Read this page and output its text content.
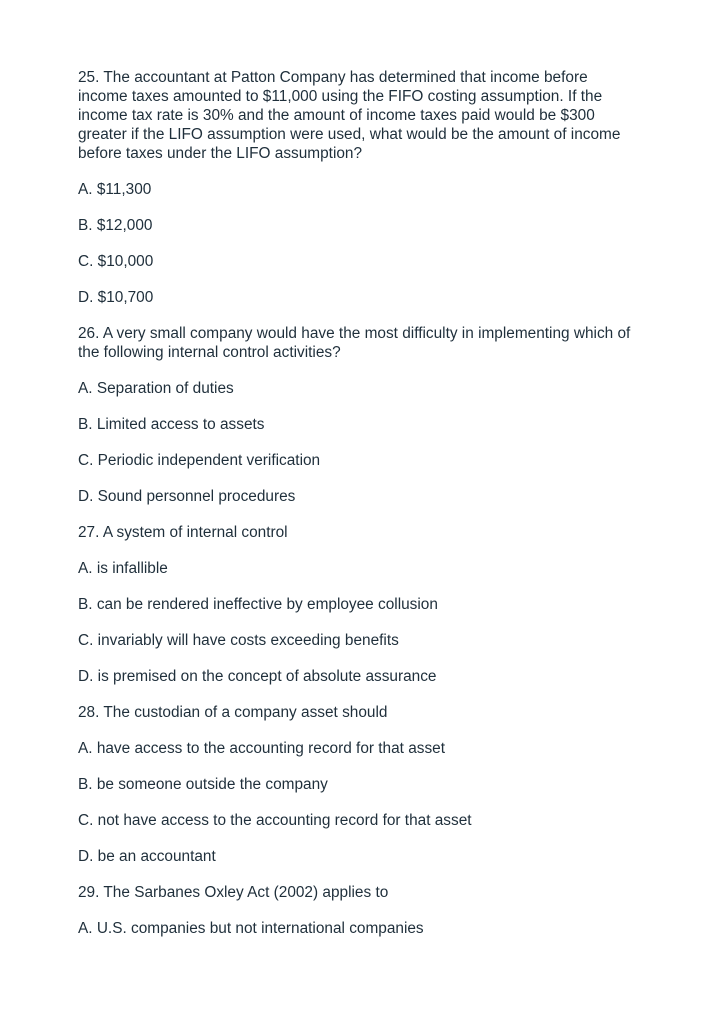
25. The accountant at Patton Company has determined that income before
income taxes amounted to $11,000 using the FIFO costing assumption. If the
income tax rate is 30% and the amount of income taxes paid would be $300
greater if the LIFO assumption were used, what would be the amount of income
before taxes under the LIFO assumption?
A. $11,300
B. $12,000
C. $10,000
D. $10,700
26. A very small company would have the most difficulty in implementing which of
the following internal control activities?
A. Separation of duties
B. Limited access to assets
C. Periodic independent verification
D. Sound personnel procedures
27. A system of internal control
A. is infallible
B. can be rendered ineffective by employee collusion
C. invariably will have costs exceeding benefits
D. is premised on the concept of absolute assurance
28. The custodian of a company asset should
A. have access to the accounting record for that asset
B. be someone outside the company
C. not have access to the accounting record for that asset
D. be an accountant
29. The Sarbanes Oxley Act (2002) applies to
A. U.S. companies but not international companies
